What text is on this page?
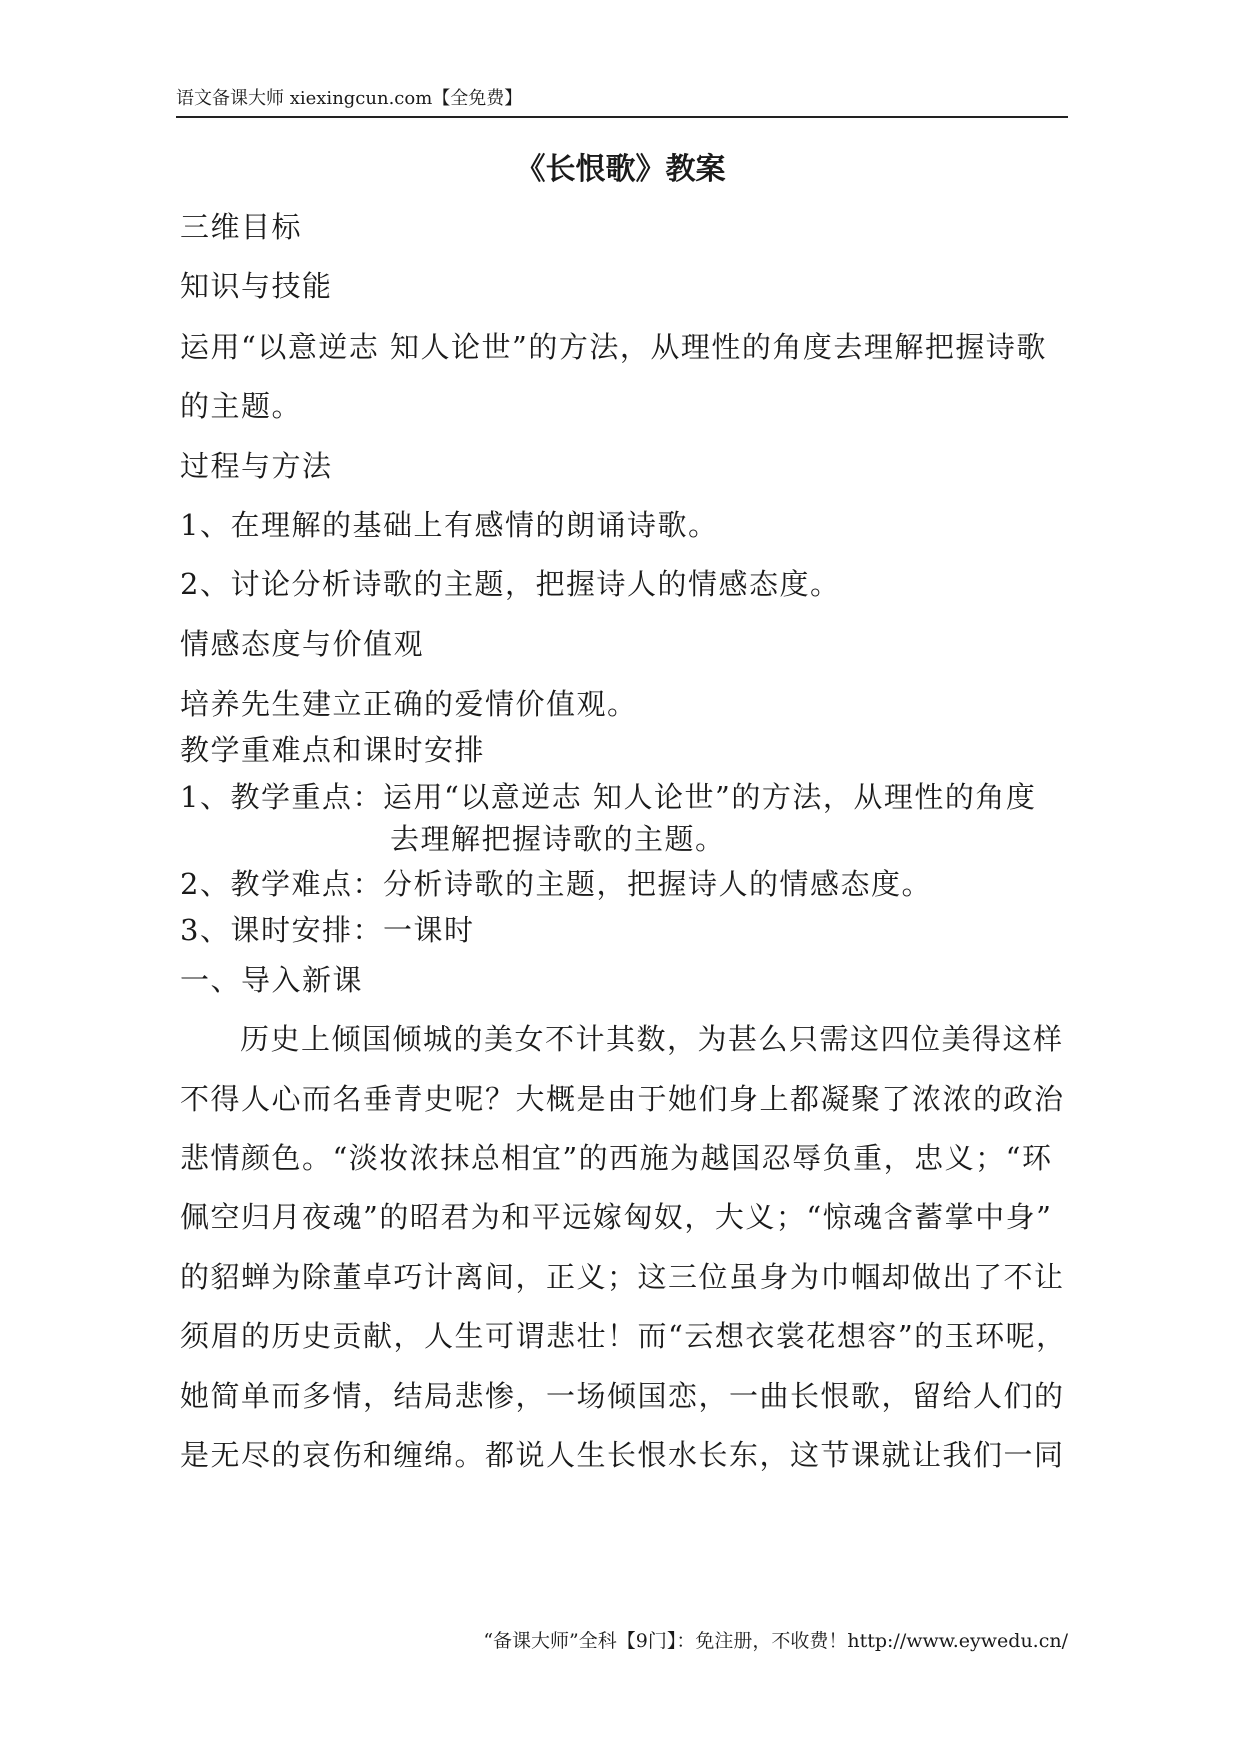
语文备课大师 xiexingcun.com【全免费】
《长恨歌》教案
三维目标
知识与技能
运用“以意逆志 知人论世”的方法，从理性的角度去理解把握诗歌
的主题。
过程与方法
1、在理解的基础上有感情的朗诵诗歌。
2、讨论分析诗歌的主题，把握诗人的情感态度。
情感态度与价值观
培养先生建立正确的爱情价值观。
教学重难点和课时安排
1、教学重点：运用“以意逆志 知人论世”的方法，从理性的角度
去理解把握诗歌的主题。
2、教学难点：分析诗歌的主题，把握诗人的情感态度。
3、课时安排：一课时
一、导入新课
历史上倾国倾城的美女不计其数，为甚么只需这四位美得这样
不得人心而名垂青史呢？大概是由于她们身上都凝聚了浓浓的政治
悲情颜色。“淡妆浓抹总相宜”的西施为越国忍辱负重，忠义；“环
佩空归月夜魂”的昭君为和平远嫁匈奴，大义；“惊魂含蓄掌中身”
的貂蝉为除董卓巧计离间，正义；这三位虽身为巾帼却做出了不让
须眉的历史贡献，人生可谓悲壮！而“云想衣裳花想容”的玉环呢，
她简单而多情，结局悲惨，一场倾国恋，一曲长恨歌，留给人们的
是无尽的哀伤和缠绵。都说人生长恨水长东，这节课就让我们一同
“备课大师”全科【9门】：免注册，不收费！http://www.eywedu.cn/
